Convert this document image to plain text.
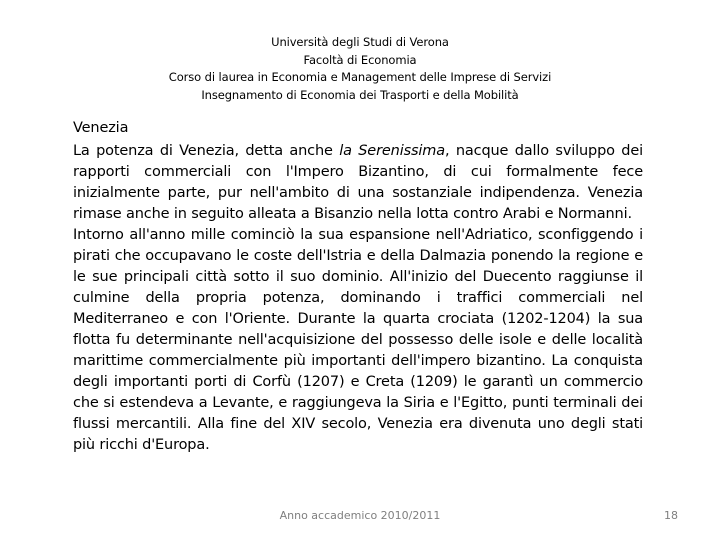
Università degli Studi di Verona
Facoltà di Economia
Corso di laurea in Economia e Management delle Imprese di Servizi
Insegnamento di Economia dei Trasporti e della Mobilità
Venezia

La potenza di Venezia, detta anche la Serenissima, nacque dallo sviluppo dei rapporti commerciali con l'Impero Bizantino, di cui formalmente fece inizialmente parte, pur nell'ambito di una sostanziale indipendenza. Venezia rimase anche in seguito alleata a Bisanzio nella lotta contro Arabi e Normanni.

Intorno all'anno mille cominciò la sua espansione nell'Adriatico, sconfiggendo i pirati che occupavano le coste dell'Istria e della Dalmazia ponendo la regione e le sue principali città sotto il suo dominio. All'inizio del Duecento raggiunse il culmine della propria potenza, dominando i traffici commerciali nel Mediterraneo e con l'Oriente. Durante la quarta crociata (1202-1204) la sua flotta fu determinante nell'acquisizione del possesso delle isole e delle località marittime commercialmente più importanti dell'impero bizantino. La conquista degli importanti porti di Corfù (1207) e Creta (1209) le garantì un commercio che si estendeva a Levante, e raggiungeva la Siria e l'Egitto, punti terminali dei flussi mercantili. Alla fine del XIV secolo, Venezia era divenuta uno degli stati più ricchi d'Europa.

Anno accademico 2010/2011	18
